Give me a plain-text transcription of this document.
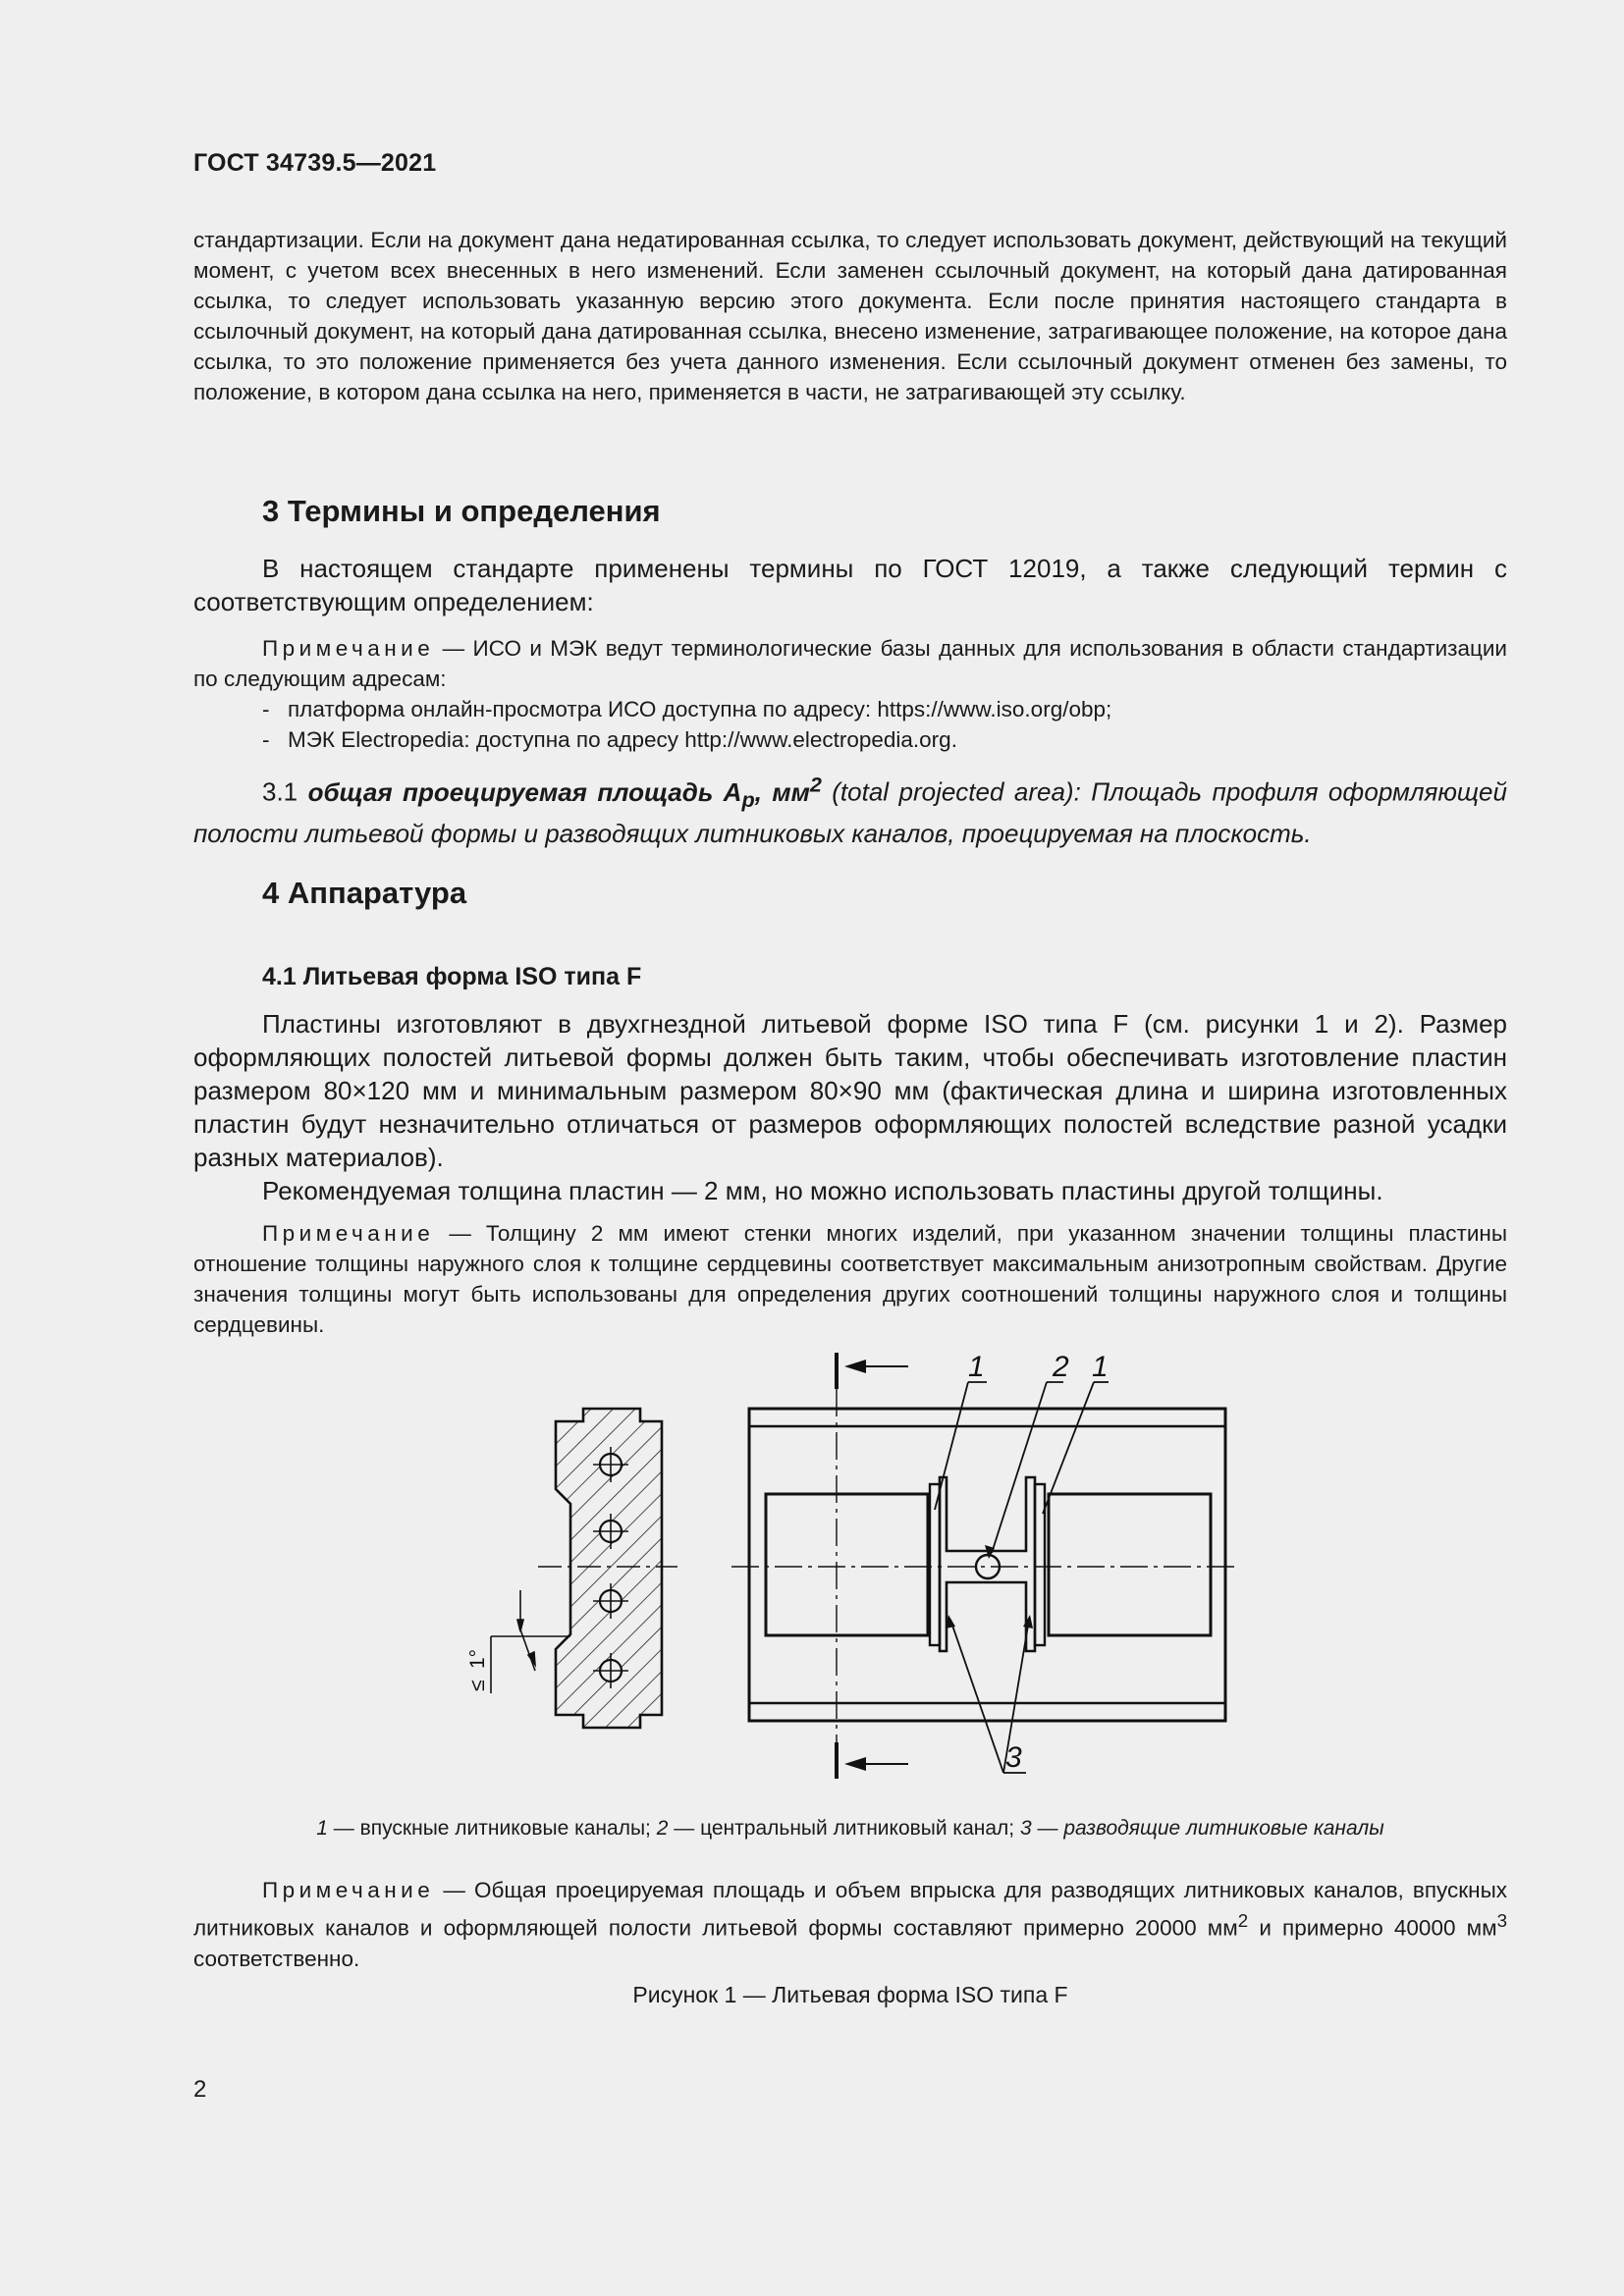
ГОСТ 34739.5—2021

стандартизации. Если на документ дана недатированная ссылка, то следует использовать документ, действующий на текущий момент, с учетом всех внесенных в него изменений. Если заменен ссылочный документ, на который дана датированная ссылка, то следует использовать указанную версию этого документа. Если после принятия настоящего стандарта в ссылочный документ, на который дана датированная ссылка, внесено изменение, затрагивающее положение, на которое дана ссылка, то это положение применяется без учета данного изменения. Если ссылочный документ отменен без замены, то положение, в котором дана ссылка на него, применяется в части, не затрагивающей эту ссылку.

3 Термины и определения

В настоящем стандарте применены термины по ГОСТ 12019, а также следующий термин с соответствующим определением:

Примечание — ИСО и МЭК ведут терминологические базы данных для использования в области стандартизации по следующим адресам:

- платформа онлайн-просмотра ИСО доступна по адресу: https://www.iso.org/obp;

- МЭК Electropedia: доступна по адресу http://www.electropedia.org.

3.1 общая проецируемая площадь $A_p$, $мм^2$ (total projected area): Площадь профиля оформляющей полости литьевой формы и разводящих литниковых каналов, проецируемая на плоскость.

4 Аппаратура
4.1 Литьевая форма ISO типа F

Пластины изготовляют в двухгнездной литьевой форме ISO типа F (см. рисунки 1 и 2). Размер оформляющих полостей литьевой формы должен быть таким, чтобы обеспечивать изготовление пластин размером 80×120 мм и минимальным размером 80×90 мм (фактическая длина и ширина изготовленных пластин будут незначительно отличаться от размеров оформляющих полостей вследствие разной усадки разных материалов).

Рекомендуемая толщина пластин — 2 мм, но можно использовать пластины другой толщины.

Примечание — Толщину 2 мм имеют стенки многих изделий, при указанном значении толщины пластины отношение толщины наружного слоя к толщине сердцевины соответствует максимальным анизотропным свойствам. Другие значения толщины могут быть использованы для определения других соотношений толщины наружного слоя и толщины сердцевины.

1°
≤
1 2 1
3
1 — впускные литниковые каналы; 2 — центральный литниковый канал; 3 — разводящие литниковые каналы

Примечание — Общая проецируемая площадь и объем впрыска для разводящих литниковых каналов, впускных литниковых каналов и оформляющей полости литьевой формы составляют примерно 20000 $мм^2$ и примерно 40000 $мм^3$ соответственно.

Рисунок 1 — Литьевая форма ISO типа F
2
